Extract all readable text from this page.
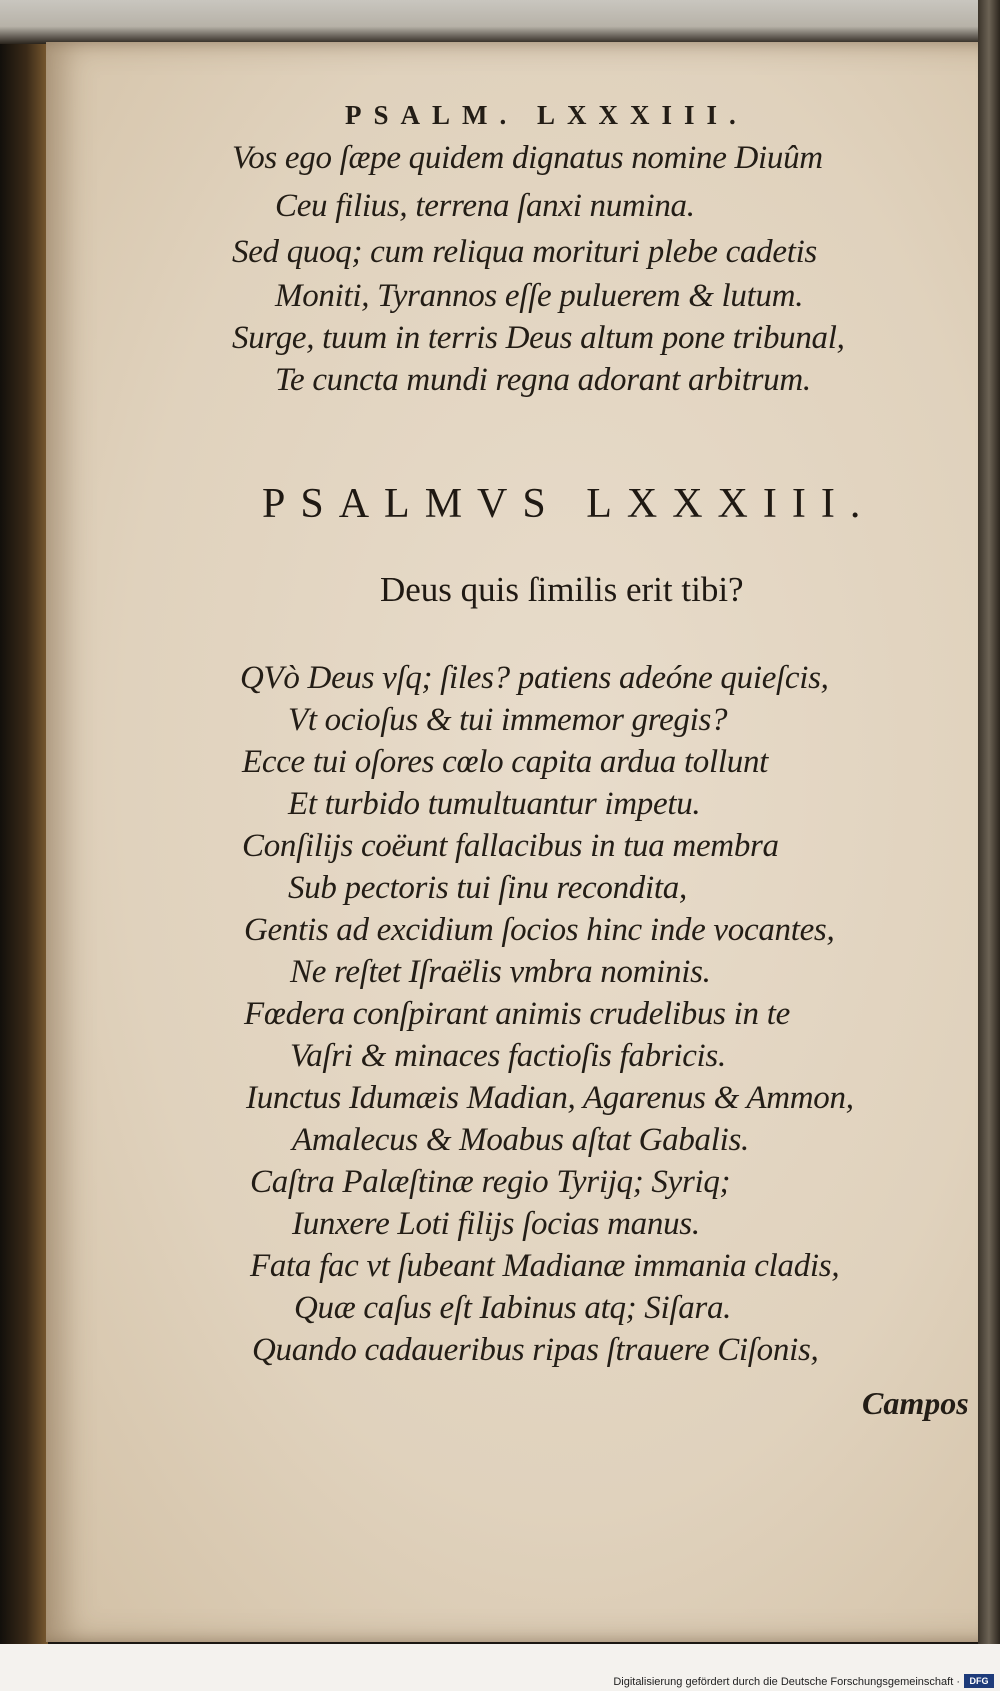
PSALM. LXXXIII.
Vos ego ſæpe quidem dignatus nomine Diuûm
Ceu filius, terrena ſanxi numina.
Sed quoq; cum reliqua morituri plebe cadetis
Moniti, Tyrannos eſſe puluerem & lutum.
Surge, tuum in terris Deus altum pone tribunal,
Te cuncta mundi regna adorant arbitrum.
PSALMVS LXXXIII.
Deus quis ſimilis erit tibi?
QVò Deus vſq; ſiles? patiens adeóne quieſcis,
Vt ocioſus & tui immemor gregis?
Ecce tui oſores cœlo capita ardua tollunt
Et turbido tumultuantur impetu.
Conſilijs coëunt fallacibus in tua membra
Sub pectoris tui ſinu recondita,
Gentis ad excidium ſocios hinc inde vocantes,
Ne reſtet Iſraëlis vmbra nominis.
Fœdera conſpirant animis crudelibus in te
Vaſri & minaces factioſis fabricis.
Iunctus Idumæis Madian, Agarenus & Ammon,
Amalecus & Moabus aſtat Gabalis.
Caſtra Palæſtinæ regio Tyrijq; Syriq;
Iunxere Loti filijs ſocias manus.
Fata fac vt ſubeant Madianæ immania cladis,
Quæ caſus eſt Iabinus atq; Siſara.
Quando cadaueribus ripas ſtrauere Ciſonis,
Campos
Digitalisierung gefördert durch die Deutsche Forschungsgemeinschaft ·	DFG
